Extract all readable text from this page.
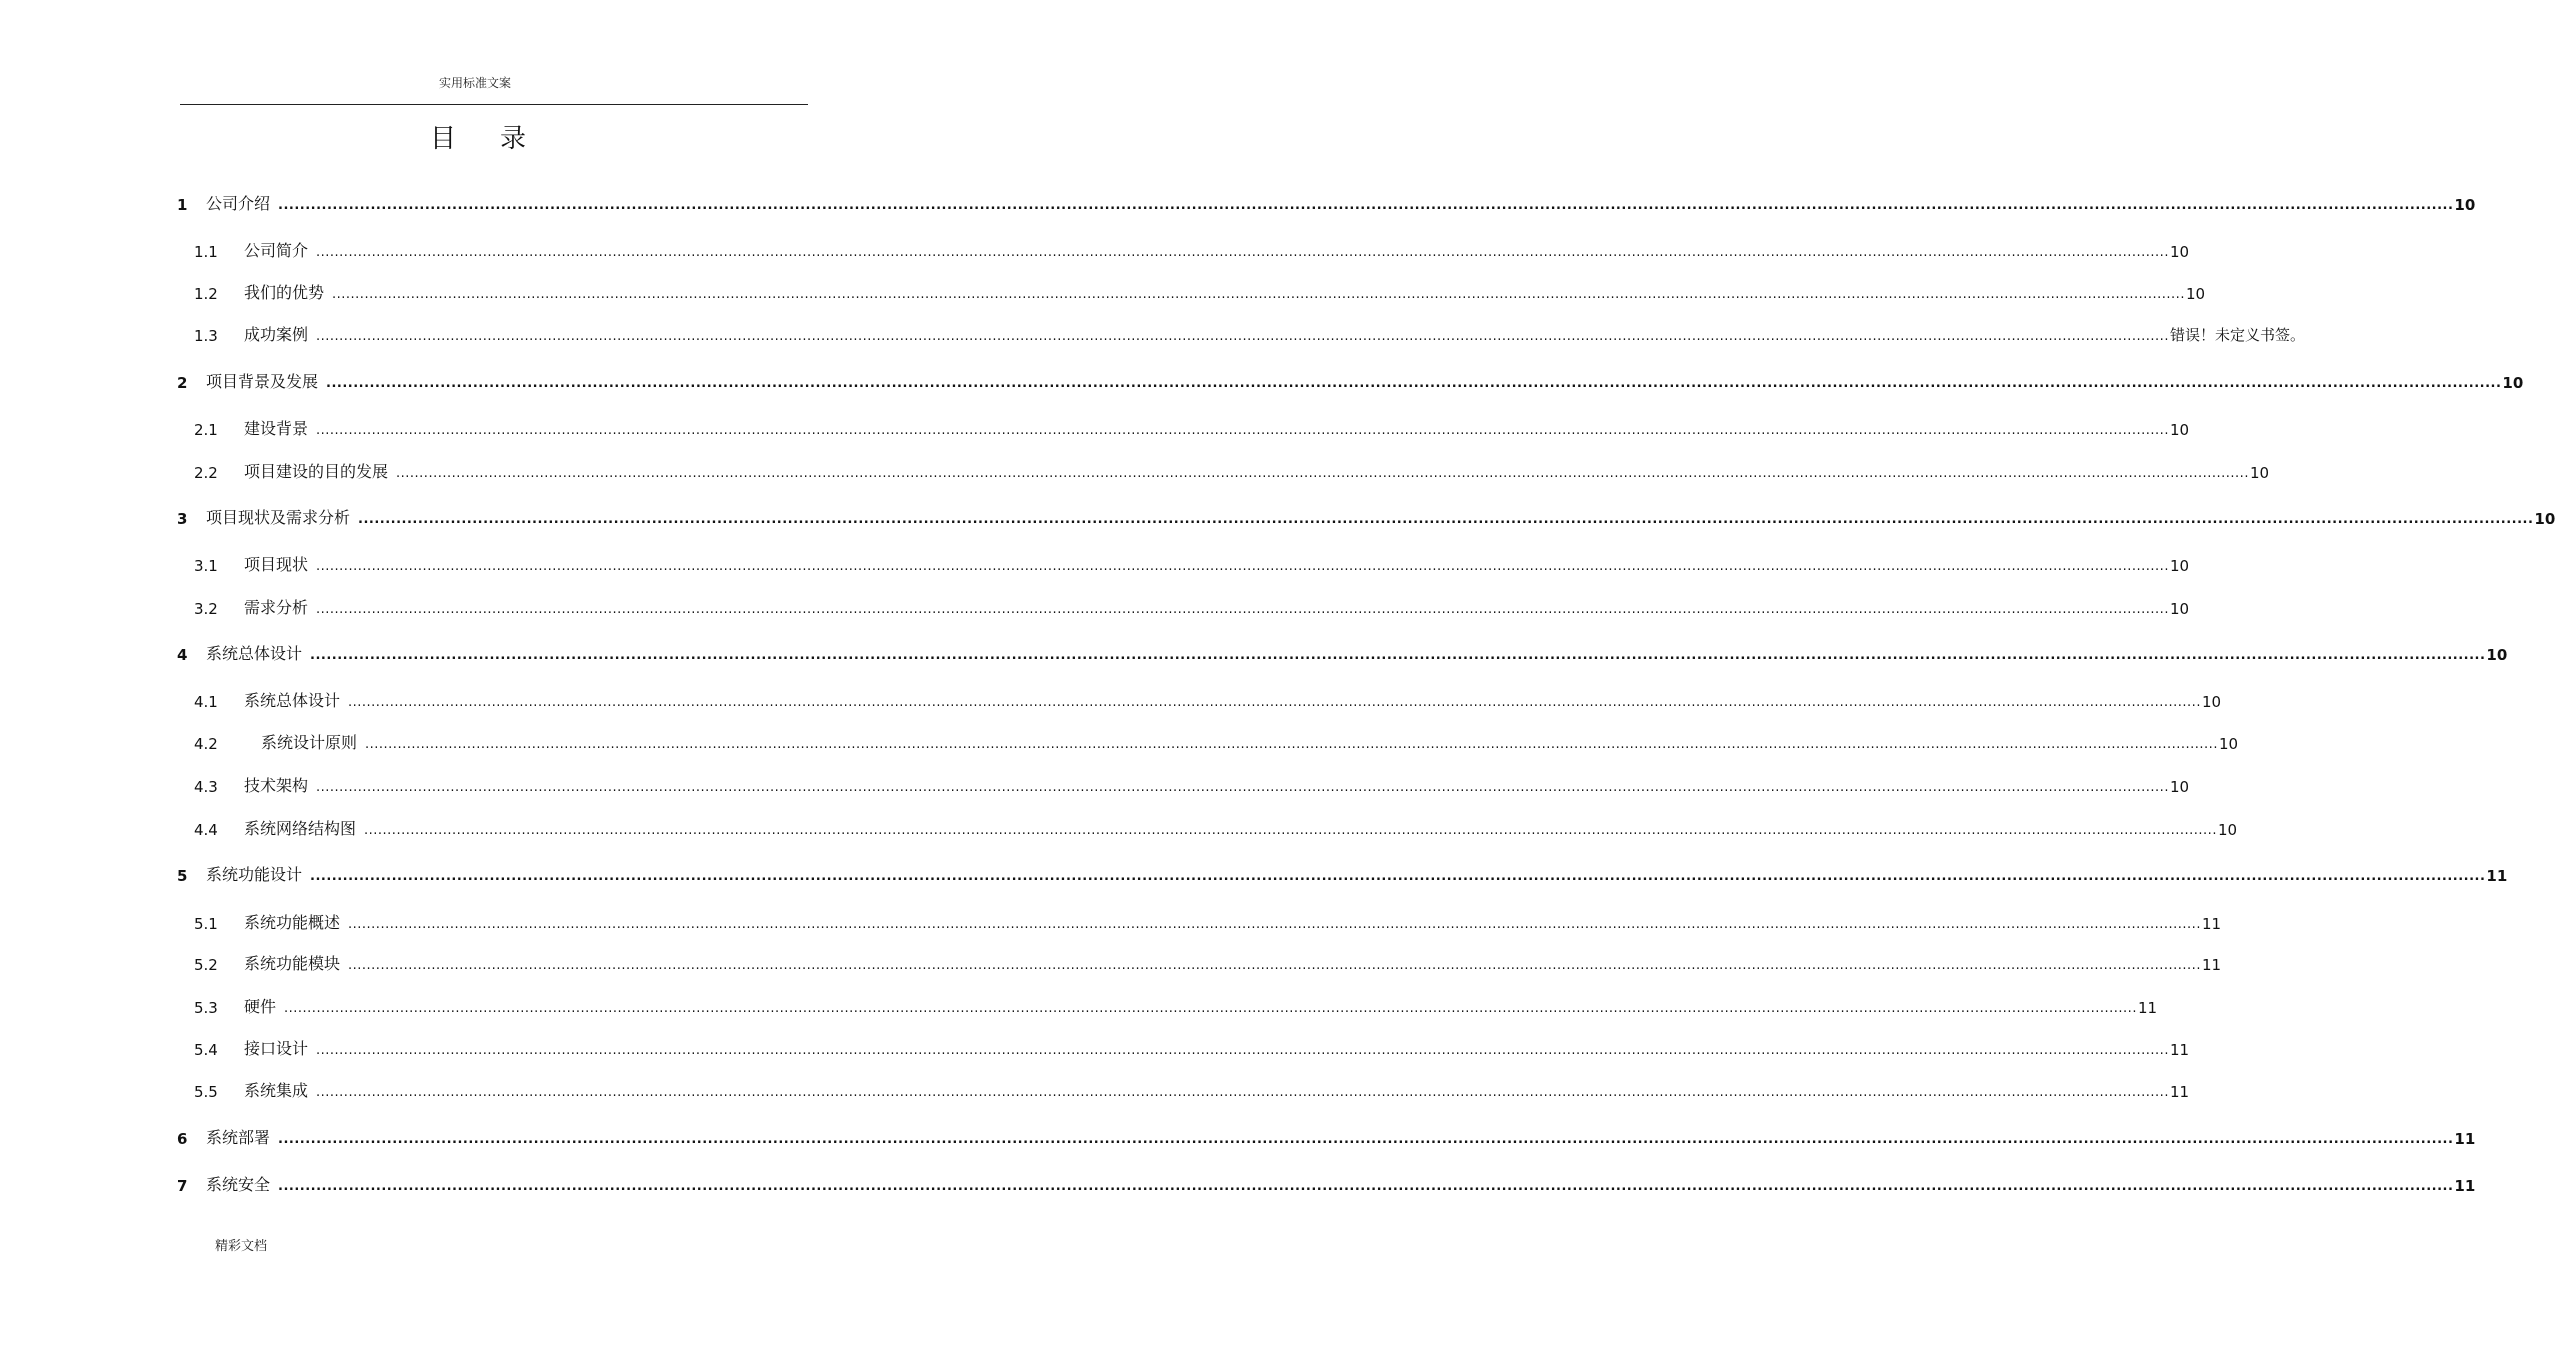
实用标准文案
目录
1	公司介绍 ................................................................................................................................................................................................................................................................................................................................................................................................................ 10
1.1	公司简介 ................................................................................................................................................................................................................................................................................................................................................................................................................ 10
1.2	我们的优势 ................................................................................................................................................................................................................................................................................................................................................................................................................ 10
1.3	成功案例 ................................................................................................................................................................................................................................................................................................................................................................................................................ 错误！未定义书签。
2	项目背景及发展 ................................................................................................................................................................................................................................................................................................................................................................................................................ 10
2.1	建设背景 ................................................................................................................................................................................................................................................................................................................................................................................................................ 10
2.2	项目建设的目的发展 ................................................................................................................................................................................................................................................................................................................................................................................................................ 10
3	项目现状及需求分析 ................................................................................................................................................................................................................................................................................................................................................................................................................ 10
3.1	项目现状 ................................................................................................................................................................................................................................................................................................................................................................................................................ 10
3.2	需求分析 ................................................................................................................................................................................................................................................................................................................................................................................................................ 10
4	系统总体设计 ................................................................................................................................................................................................................................................................................................................................................................................................................ 10
4.1	系统总体设计 ................................................................................................................................................................................................................................................................................................................................................................................................................ 10
4.2	系统设计原则 ................................................................................................................................................................................................................................................................................................................................................................................................................ 10
4.3	技术架构 ................................................................................................................................................................................................................................................................................................................................................................................................................ 10
4.4	系统网络结构图 ................................................................................................................................................................................................................................................................................................................................................................................................................ 10
5	系统功能设计 ................................................................................................................................................................................................................................................................................................................................................................................................................ 11
5.1	系统功能概述 ................................................................................................................................................................................................................................................................................................................................................................................................................ 11
5.2	系统功能模块 ................................................................................................................................................................................................................................................................................................................................................................................................................ 11
5.3	硬件 ................................................................................................................................................................................................................................................................................................................................................................................................................ 11
5.4	接口设计 ................................................................................................................................................................................................................................................................................................................................................................................................................ 11
5.5	系统集成 ................................................................................................................................................................................................................................................................................................................................................................................................................ 11
6	系统部署 ................................................................................................................................................................................................................................................................................................................................................................................................................ 11
7	系统安全 ................................................................................................................................................................................................................................................................................................................................................................................................................ 11
精彩文档
